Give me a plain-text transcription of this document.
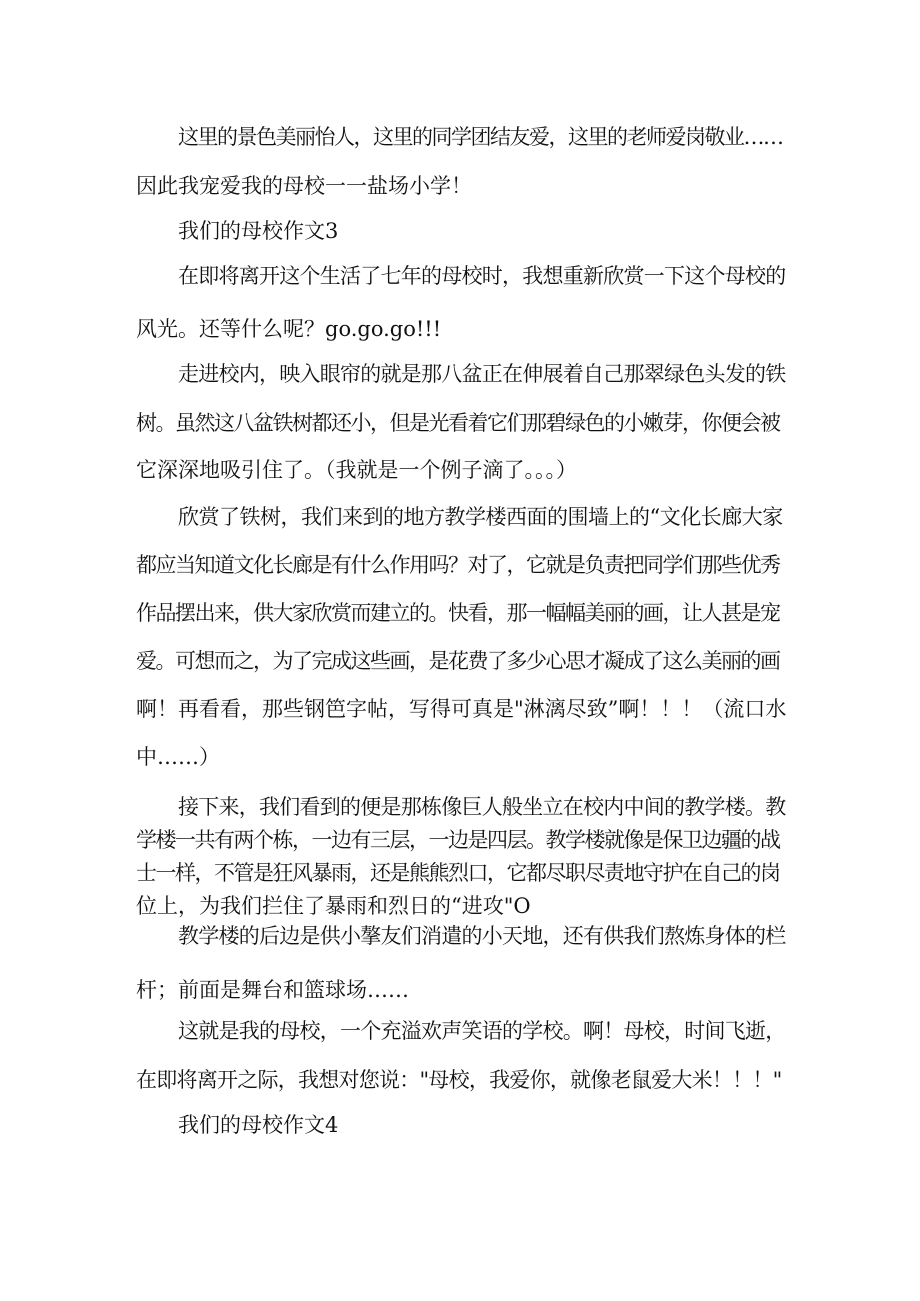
这里的景色美丽怡人，这里的同学团结友爱，这里的老师爱岗敬业……
因此我宠爱我的母校一一盐场小学！

我们的母校作文3

在即将离开这个生活了七年的母校时，我想重新欣赏一下这个母校的
风光。还等什么呢？go.go.go!!!

走进校内，映入眼帘的就是那八盆正在伸展着自己那翠绿色头发的铁
树。虽然这八盆铁树都还小，但是光看着它们那碧绿色的小嫩芽，你便会被
它深深地吸引住了。（我就是一个例子滴了。。。）

欣赏了铁树，我们来到的地方教学楼西面的围墙上的“文化长廊大家
都应当知道文化长廊是有什么作用吗？对了，它就是负责把同学们那些优秀
作品摆出来，供大家欣赏而建立的。快看，那一幅幅美丽的画，让人甚是宠
爱。可想而之，为了完成这些画，是花费了多少心思才凝成了这么美丽的画
啊！再看看，那些钢笆字帖，写得可真是"淋漓尽致”啊！！！（流口水
中……）

接下来，我们看到的便是那栋像巨人般坐立在校内中间的教学楼。教
学楼一共有两个栋，一边有三层，一边是四层。教学楼就像是保卫边疆的战
士一样，不管是狂风暴雨，还是熊熊烈口，它都尽职尽责地守护在自己的岗
位上，为我们拦住了暴雨和烈日的“进攻"O

教学楼的后边是供小摮友们消遣的小天地，还有供我们熬炼身体的栏
杆；前面是舞台和篮球场……

这就是我的母校，一个充溢欢声笑语的学校。啊！母校，时间飞逝，
在即将离开之际，我想对您说："母校，我爱你，就像老鼠爱大米！！！"

我们的母校作文4
